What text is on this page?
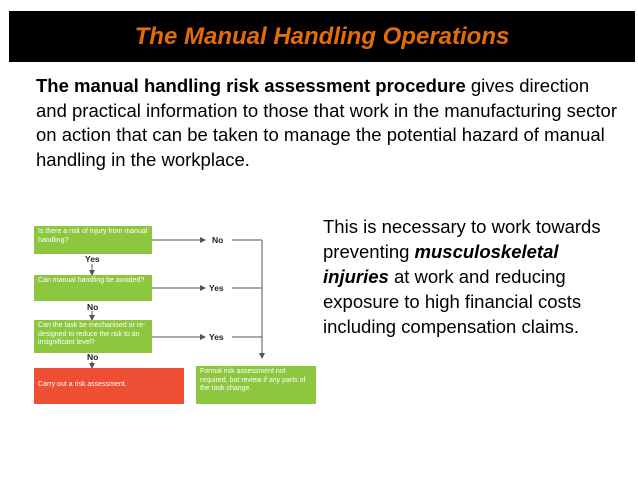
The Manual Handling Operations
The manual handling risk assessment procedure gives direction and practical information to those that work in the manufacturing sector on action that can be taken to manage the potential hazard of manual handling in the workplace.
Is there a risk of injury from manual handling?	No
Yes
Can manual handling be avoided?
Yes
No
Can the task be mechanised or re-designed to reduce the risk to an insignificant level?
Yes
No
Carry out a risk assessment.
Formal risk assessment not required, but review if any parts of the task change.
This is necessary to work towards preventing musculoskeletal injuries at work and reducing exposure to high financial costs including compensation claims.
